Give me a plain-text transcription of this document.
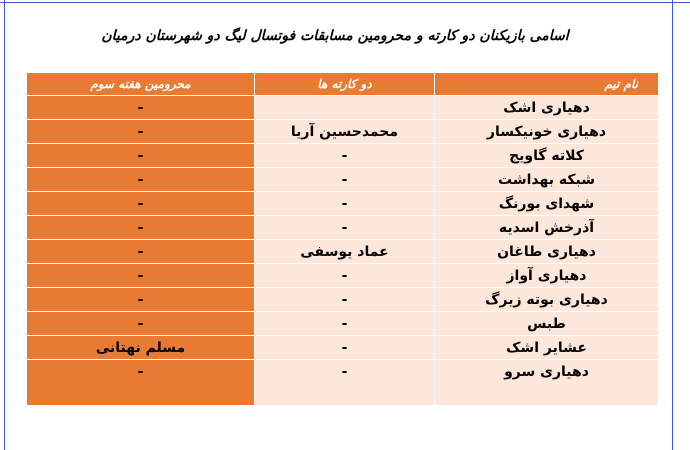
اسامی بازیکنان دو کارته و محرومین مسابقات فوتسال لیگ دو شهرستان درمیان
نام تیم	دو کارته ها	محرومین هفته سوم
دهیاری اشک		-
دهیاری خونیکسار	محمدحسین آریا	-
کلاته گاویج	-	-
شبکه بهداشت	-	-
شهدای بورنگ	-	-
آذرخش اسدیه	-	-
دهیاری طاغان	عماد یوسفی	-
دهیاری آواز	-	-
دهیاری بوته زیرگ	-	-
طبس	-	-
عشایر اشک	-	مسلم نهتانی
دهیاری سرو	-	-
